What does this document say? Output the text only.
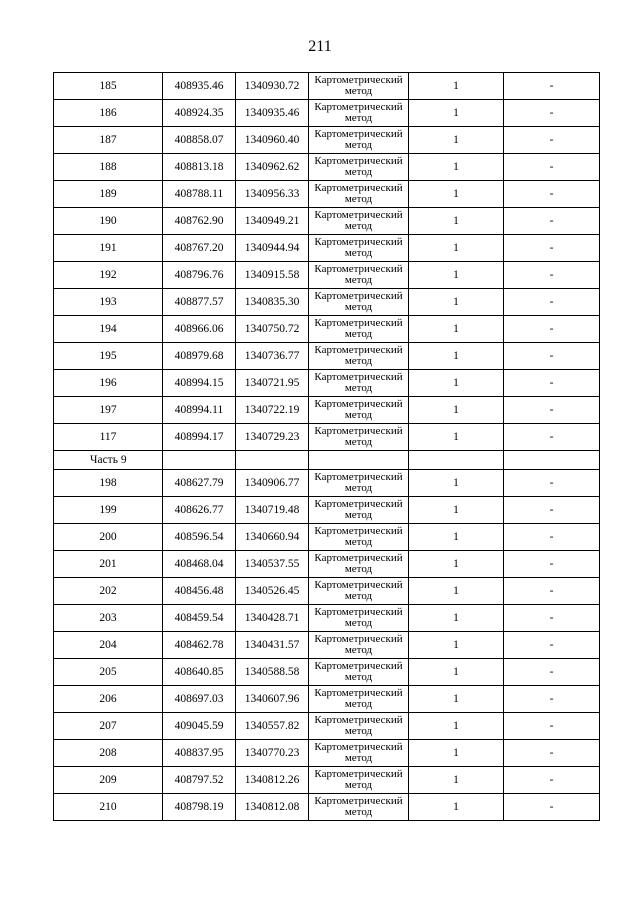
211
185	408935.46	1340930.72	Картометрический метод	1	-
186	408924.35	1340935.46	Картометрический метод	1	-
187	408858.07	1340960.40	Картометрический метод	1	-
188	408813.18	1340962.62	Картометрический метод	1	-
189	408788.11	1340956.33	Картометрический метод	1	-
190	408762.90	1340949.21	Картометрический метод	1	-
191	408767.20	1340944.94	Картометрический метод	1	-
192	408796.76	1340915.58	Картометрический метод	1	-
193	408877.57	1340835.30	Картометрический метод	1	-
194	408966.06	1340750.72	Картометрический метод	1	-
195	408979.68	1340736.77	Картометрический метод	1	-
196	408994.15	1340721.95	Картометрический метод	1	-
197	408994.11	1340722.19	Картометрический метод	1	-
117	408994.17	1340729.23	Картометрический метод	1	-
Часть 9					
198	408627.79	1340906.77	Картометрический метод	1	-
199	408626.77	1340719.48	Картометрический метод	1	-
200	408596.54	1340660.94	Картометрический метод	1	-
201	408468.04	1340537.55	Картометрический метод	1	-
202	408456.48	1340526.45	Картометрический метод	1	-
203	408459.54	1340428.71	Картометрический метод	1	-
204	408462.78	1340431.57	Картометрический метод	1	-
205	408640.85	1340588.58	Картометрический метод	1	-
206	408697.03	1340607.96	Картометрический метод	1	-
207	409045.59	1340557.82	Картометрический метод	1	-
208	408837.95	1340770.23	Картометрический метод	1	-
209	408797.52	1340812.26	Картометрический метод	1	-
210	408798.19	1340812.08	Картометрический метод	1	-
